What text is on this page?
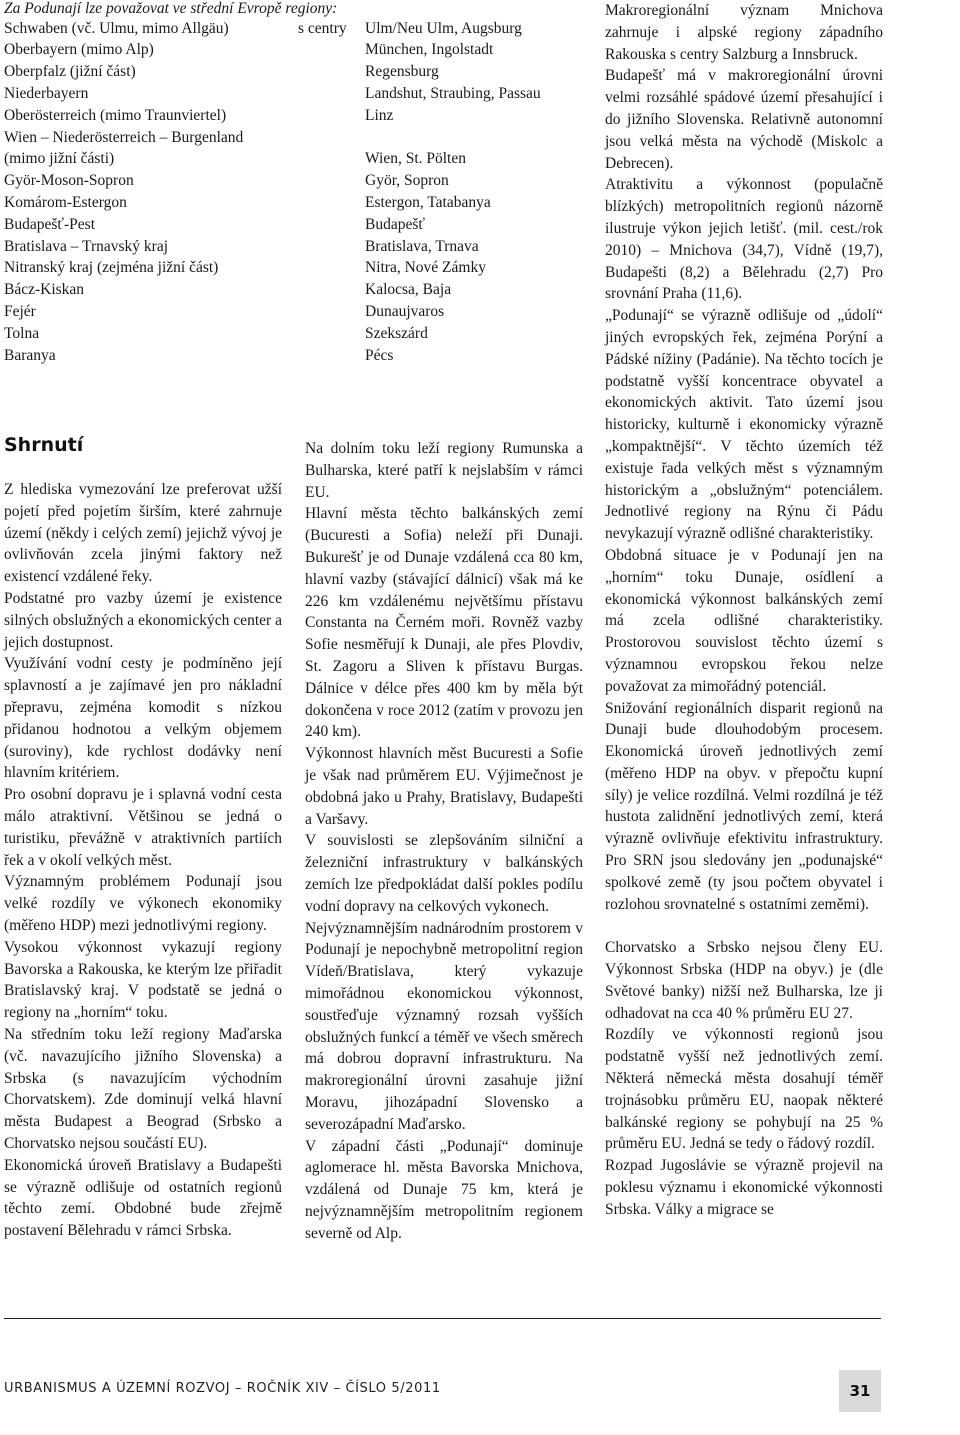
Za Podunají lze považovat ve střední Evropě regiony:
Schwaben (vč. Ulmu, mimo Allgäu)	s centry Ulm/Neu Ulm, Augsburg
Oberbayern (mimo Alp)	München, Ingolstadt
Oberpfalz (jižní část)	Regensburg
Niederbayern	Landshut, Straubing, Passau
Oberösterreich (mimo Traunviertel)	Linz
Wien – Niederösterreich – Burgenland
(mimo jižní části)	Wien, St. Pölten
Györ-Moson-Sopron	Györ, Sopron
Komárom-Estergon	Estergon, Tatabanya
Budapešť-Pest	Budapešť
Bratislava – Trnavský kraj	Bratislava, Trnava
Nitranský kraj (zejména jižní část)	Nitra, Nové Zámky
Bácz-Kiskan	Kalocsa, Baja
Fejér	Dunaujvaros
Tolna	Szekszárd
Baranya	Pécs
Shrnutí

Z hlediska vymezování lze preferovat užší pojetí před pojetím širším, které zahrnuje území (někdy i celých zemí) jejichž vývoj je ovlivňován zcela jinými faktory než existencí vzdálené řeky.

Podstatné pro vazby území je existence silných obslužných a ekonomických center a jejich dostupnost.

Využívání vodní cesty je podmíněno její splavností a je zajímavé jen pro nákladní přepravu, zejména komodit s nízkou přidanou hodnotou a velkým objemem (suroviny), kde rychlost dodávky není hlavním kritériem.

Pro osobní dopravu je i splavná vodní cesta málo atraktivní. Většinou se jedná o turistiku, převážně v atraktivních partiích řek a v okolí velkých měst.

Významným problémem Podunají jsou velké rozdíly ve výkonech ekonomiky (měřeno HDP) mezi jednotlivými regiony.

Vysokou výkonnost vykazují regiony Bavorska a Rakouska, ke kterým lze přiřadit Bratislavský kraj. V podstatě se jedná o regiony na „horním“ toku.

Na středním toku leží regiony Maďarska (vč. navazujícího jižního Slovenska) a Srbska (s navazujícím východním Chorvatskem). Zde dominují velká hlavní města Budapest a Beograd (Srbsko a Chorvatsko nejsou součástí EU).

Ekonomická úroveň Bratislavy a Budapešti se výrazně odlišuje od ostatních regionů těchto zemí. Obdobné bude zřejmě postavení Bělehradu v rámci Srbska.

Na dolním toku leží regiony Rumunska a Bulharska, které patří k nejslabším v rámci EU.

Hlavní města těchto balkánských zemí (Bucuresti a Sofia) neleží při Dunaji. Bukurešť je od Dunaje vzdálená cca 80 km, hlavní vazby (stávající dálnicí) však má ke 226 km vzdálenému největšímu přístavu Constanta na Černém moři. Rovněž vazby Sofie nesměřují k Dunaji, ale přes Plovdiv, St. Zagoru a Sliven k přístavu Burgas. Dálnice v délce přes 400 km by měla být dokončena v roce 2012 (zatím v provozu jen 240 km).

Výkonnost hlavních měst Bucuresti a Sofie je však nad průměrem EU. Výjimečnost je obdobná jako u Prahy, Bratislavy, Budapešti a Varšavy.

V souvislosti se zlepšováním silniční a železniční infrastruktury v balkánských zemích lze předpokládat další pokles podílu vodní dopravy na celkových vykonech.

Nejvýznamnějším nadnárodním prostorem v Podunají je nepochybně metropolitní region Vídeň/Bratislava, který vykazuje mimořádnou ekonomickou výkonnost, soustřeďuje významný rozsah vyšších obslužných funkcí a téměř ve všech směrech má dobrou dopravní infrastrukturu. Na makroregionální úrovni zasahuje jižní Moravu, jihozápadní Slovensko a severozápadní Maďarsko.

V západní části „Podunají“ dominuje aglomerace hl. města Bavorska Mnichova, vzdálená od Dunaje 75 km, která je nejvýznamnějším metropolitním regionem severně od Alp.

Makroregionální význam Mnichova zahrnuje i alpské regiony západního Rakouska s centry Salzburg a Innsbruck.

Budapešť má v makroregionální úrovni velmi rozsáhlé spádové území přesahující i do jižního Slovenska. Relativně autonomní jsou velká města na východě (Miskolc a Debrecen).

Atraktivitu a výkonnost (populačně blízkých) metropolitních regionů názorně ilustruje výkon jejich letišť. (mil. cest./rok 2010) – Mnichova (34,7), Vídně (19,7), Budapešti (8,2) a Bělehradu (2,7) Pro srovnání Praha (11,6).

„Podunají“ se výrazně odlišuje od „údolí“ jiných evropských řek, zejména Porýní a Pádské nížiny (Padánie). Na těchto tocích je podstatně vyšší koncentrace obyvatel a ekonomických aktivit. Tato území jsou historicky, kulturně i ekonomicky výrazně „kompaktnější“. V těchto územích též existuje řada velkých měst s významným historickým a „obslužným“ potenciálem. Jednotlivé regiony na Rýnu či Pádu nevykazují výrazně odlišné charakteristiky.

Obdobná situace je v Podunají jen na „horním“ toku Dunaje, osídlení a ekonomická výkonnost balkánských zemí má zcela odlišné charakteristiky. Prostorovou souvislost těchto území s významnou evropskou řekou nelze považovat za mimořádný potenciál.

Snižování regionálních disparit regionů na Dunaji bude dlouhodobým procesem. Ekonomická úroveň jednotlivých zemí (měřeno HDP na obyv. v přepočtu kupní síly) je velice rozdílná. Velmi rozdílná je též hustota zalidnění jednotlivých zemí, která výrazně ovlivňuje efektivitu infrastruktury. Pro SRN jsou sledovány jen „podunajské“ spolkové země (ty jsou počtem obyvatel i rozlohou srovnatelné s ostatními zeměmi).

Chorvatsko a Srbsko nejsou členy EU. Výkonnost Srbska (HDP na obyv.) je (dle Světové banky) nižší než Bulharska, lze ji odhadovat na cca 40 % průměru EU 27.

Rozdíly ve výkonnosti regionů jsou podstatně vyšší než jednotlivých zemí. Některá německá města dosahují téměř trojnásobku průměru EU, naopak některé balkánské regiony se pohybují na 25 % průměru EU. Jedná se tedy o řádový rozdíl.

Rozpad Jugoslávie se výrazně projevil na poklesu významu i ekonomické výkonnosti Srbska. Války a migrace se

URBANISMUS A ÚZEMNÍ ROZVOJ – ROČNÍK XIV – ČÍSLO 5/2011	31
